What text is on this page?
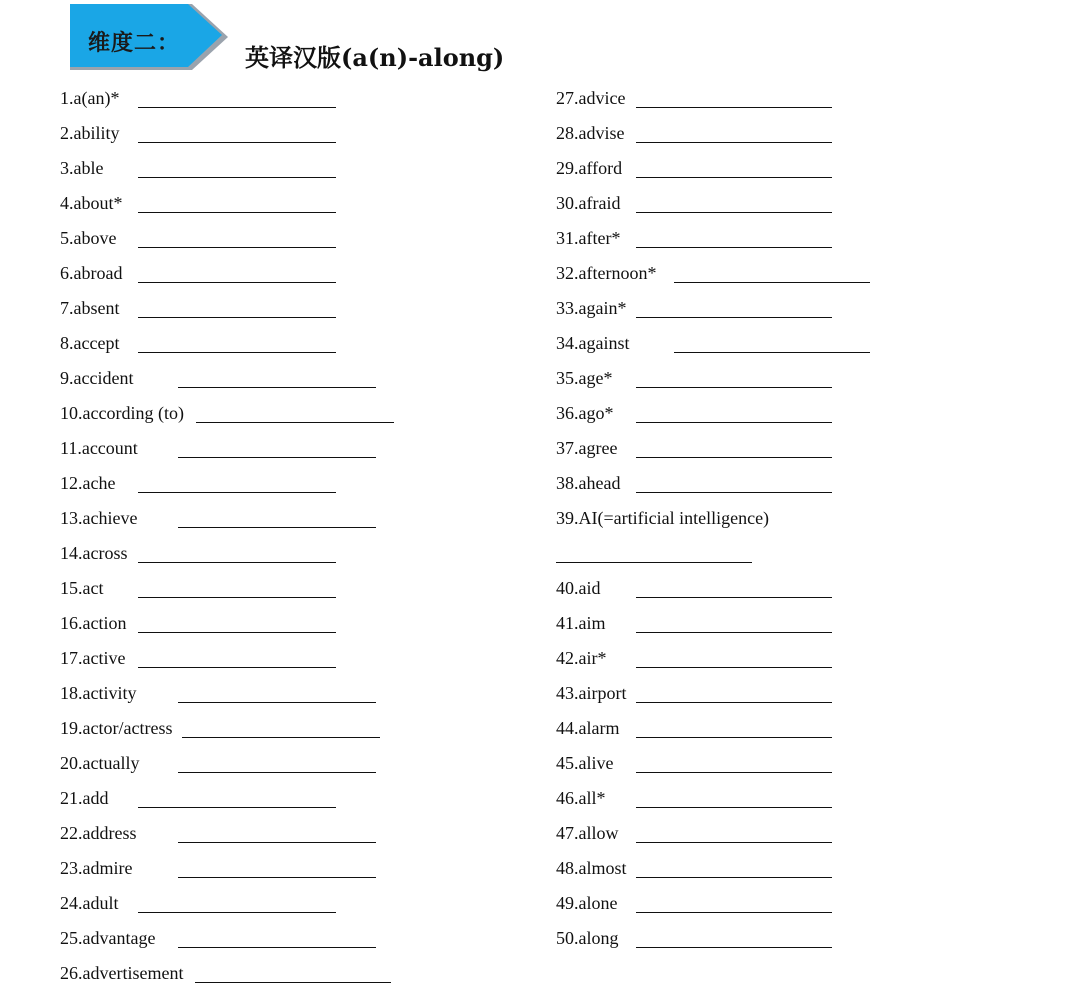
维度二：	英译汉版(a(n)-along)
1.a(an)*
2.ability
3.able
4.about*
5.above
6.abroad
7.absent
8.accept
9.accident
10.according (to)
11.account
12.ache
13.achieve
14.across
15.act
16.action
17.active
18.activity
19.actor/actress
20.actually
21.add
22.address
23.admire
24.adult
25.advantage
26.advertisement
27.advice
28.advise
29.afford
30.afraid
31.after*
32.afternoon*
33.again*
34.against
35.age*
36.ago*
37.agree
38.ahead
39.AI(=artificial intelligence)
40.aid
41.aim
42.air*
43.airport
44.alarm
45.alive
46.all*
47.allow
48.almost
49.alone
50.along
